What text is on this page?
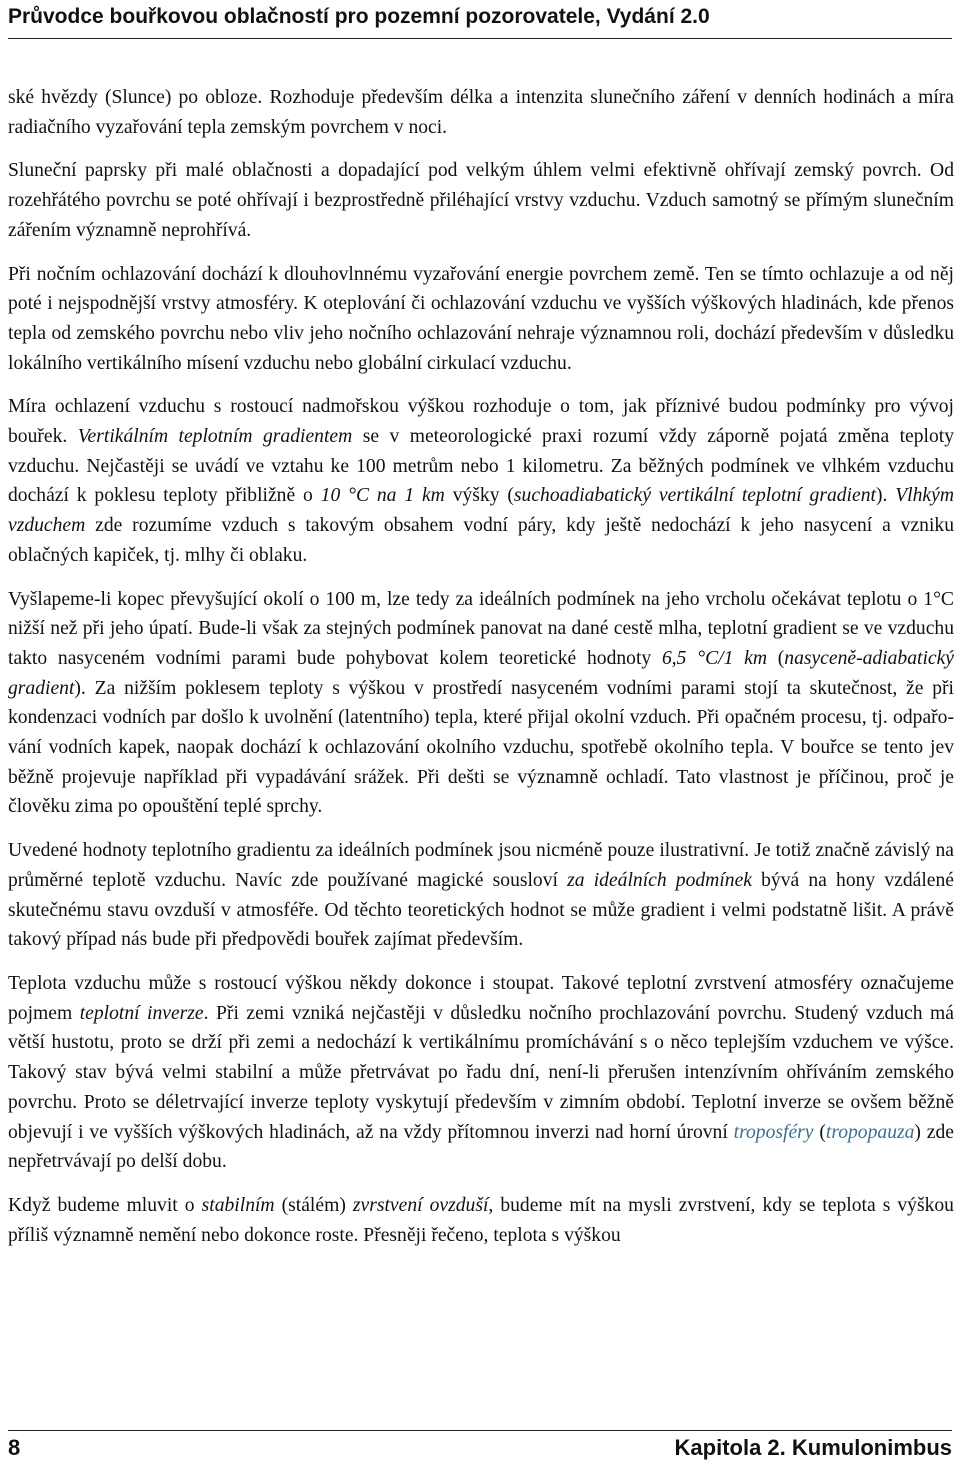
Průvodce bouřkovou oblačností pro pozemní pozorovatele, Vydání 2.0

ské hvězdy (Slunce) po obloze. Rozhoduje především délka a intenzita slunečního záření v denních hodinách a míra radiačního vyzařování tepla zemským povrchem v noci.

Sluneční paprsky při malé oblačnosti a dopadající pod velkým úhlem velmi efektivně ohřívají zemský povrch. Od rozehřátého povrchu se poté ohřívají i bezprostředně přiléhající vrstvy vzduchu. Vzduch samotný se přímým slunečním zářením významně neprohřívá.

Při nočním ochlazování dochází k dlouhovlnnému vyzařování energie povrchem země. Ten se tímto ochlazuje a od něj poté i nejspodnější vrstvy atmosféry. K oteplování či ochlazování vzduchu ve vyšších výškových hladinách, kde přenos tepla od zemského povrchu nebo vliv jeho nočního ochlazování nehraje významnou roli, dochází především v důsledku lokálního vertikálního mísení vzduchu nebo globální cirkulací vzduchu.

Míra ochlazení vzduchu s rostoucí nadmořskou výškou rozhoduje o tom, jak příznivé budou podmínky pro vývoj bouřek. Vertikálním teplotním gradientem se v meteorologické praxi rozumí vždy záporně pojatá změna teploty vzduchu. Nejčastěji se uvádí ve vztahu ke 100 metrům nebo 1 kilometru. Za běžných podmínek ve vlhkém vzduchu dochází k poklesu teploty přibližně o 10 °C na 1 km výšky (suchoadiabatický vertikální teplotní gradient). Vlhkým vzduchem zde rozumíme vzduch s takovým obsahem vodní páry, kdy ještě nedochází k jeho nasycení a vzniku oblačných kapiček, tj. mlhy či oblaku.

Vyšlapeme-li kopec převyšující okolí o 100 m, lze tedy za ideálních podmínek na jeho vrcholu očekávat teplotu o 1°C nižší než při jeho úpatí. Bude-li však za stejných podmínek panovat na dané cestě mlha, teplotní gradient se ve vzduchu takto nasyceném vodními parami bude pohybovat kolem teoretické hodnoty 6,5 °C/1 km (nasyceně-adiabatický gradient). Za nižším poklesem teploty s výškou v prostředí nasyceném vodními parami stojí ta skutečnost, že při kondenzaci vodních par došlo k uvolnění (latentního) tepla, které přijal okolní vzduch. Při opačném procesu, tj. odpařování vodních kapek, naopak dochází k ochlazování okolního vzduchu, spotřebě okolního tepla. V bouřce se tento jev běžně projevuje například při vypadávání srážek. Při dešti se významně ochladí. Tato vlastnost je příčinou, proč je člověku zima po opouštění teplé sprchy.

Uvedené hodnoty teplotního gradientu za ideálních podmínek jsou nicméně pouze ilustrativní. Je totiž značně závislý na průměrné teplotě vzduchu. Navíc zde používané magické sousloví za ideálních podmínek bývá na hony vzdálené skutečnému stavu ovzduší v atmosféře. Od těchto teoretických hodnot se může gradient i velmi podstatně lišit. A právě takový případ nás bude při předpovědi bouřek zajímat především.

Teplota vzduchu může s rostoucí výškou někdy dokonce i stoupat. Takové teplotní zvrstvení atmosféry označujeme pojmem teplotní inverze. Při zemi vzniká nejčastěji v důsledku nočního prochlazování povrchu. Studený vzduch má větší hustotu, proto se drží při zemi a nedochází k vertikálnímu promíchávání s o něco teplejším vzduchem ve výšce. Takový stav bývá velmi stabilní a může přetrvávat po řadu dní, není-li přerušen intenzívním ohříváním zemského povrchu. Proto se déletrvající inverze teploty vyskytují především v zimním období. Teplotní inverze se ovšem běžně objevují i ve vyšších výškových hladinách, až na vždy přítomnou inverzi nad horní úrovní troposféry (tropopauza) zde nepřetrvávají po delší dobu.

Když budeme mluvit o stabilním (stálém) zvrstvení ovzduší, budeme mít na mysli zvrstvení, kdy se teplota s výškou příliš významně nemění nebo dokonce roste. Přesněji řečeno, teplota s výškou

8	Kapitola 2. Kumulonimbus
